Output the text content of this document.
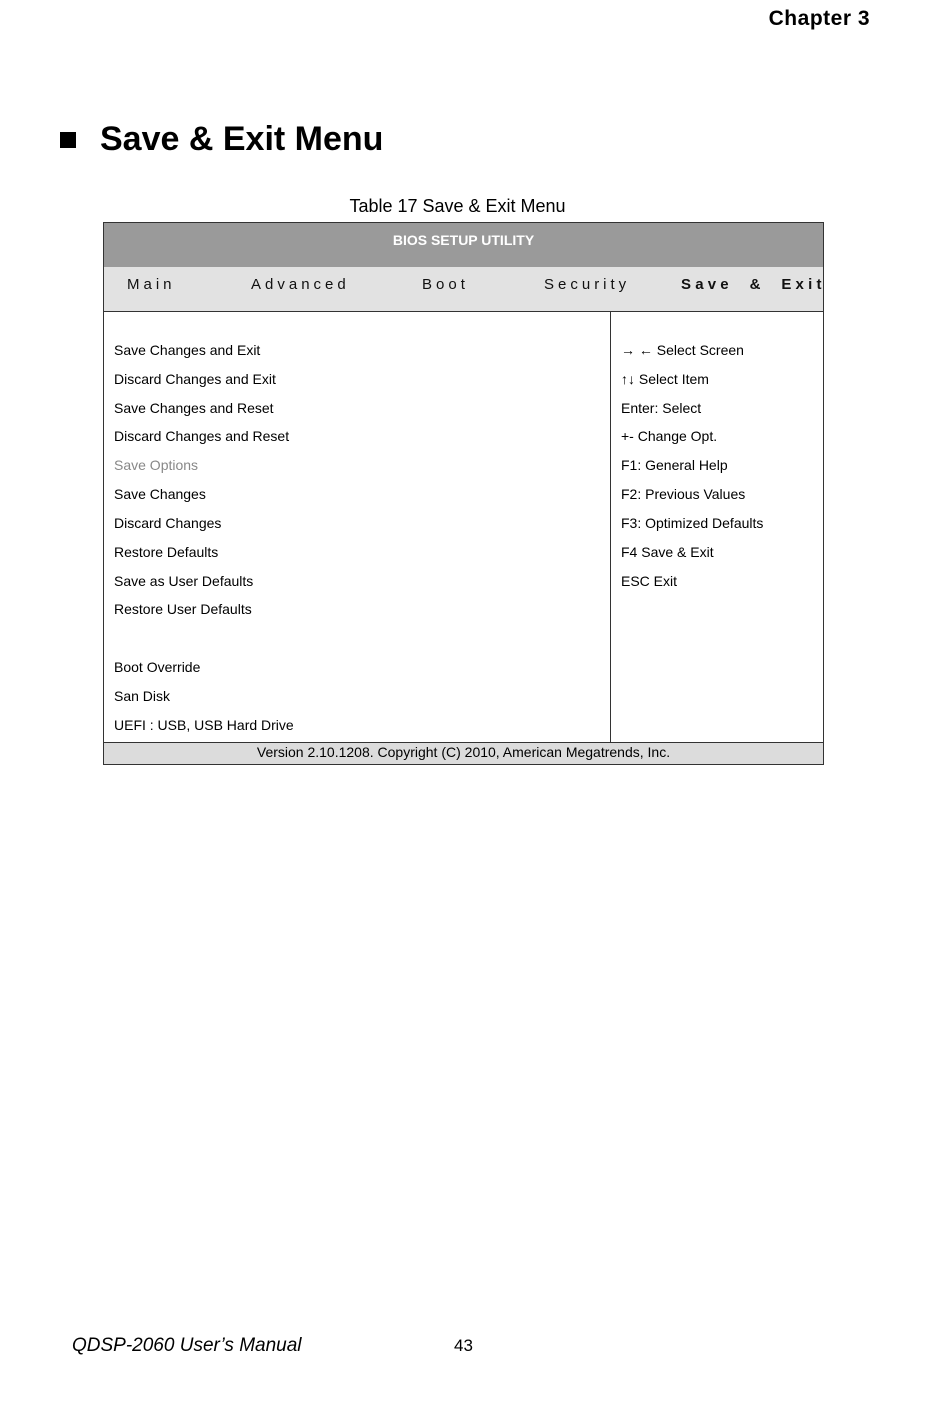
Chapter 3
Save & Exit Menu
Table 17 Save & Exit Menu
BIOS SETUP UTILITY
Main	Advanced	Boot	Security	Save  &  Exit
Save Changes and Exit
Discard Changes and Exit
Save Changes and Reset
Discard Changes and Reset
Save Options
Save Changes
Discard Changes
Restore Defaults
Save as User Defaults
Restore User Defaults
Boot Override
San Disk
UEFI : USB, USB Hard Drive
→ ← Select Screen
↑↓ Select Item
Enter: Select
+- Change Opt.
F1: General Help
F2: Previous Values
F3: Optimized Defaults
F4 Save & Exit
ESC Exit
Version 2.10.1208. Copyright (C) 2010, American Megatrends, Inc.
QDSP-2060 User’s Manual	43
